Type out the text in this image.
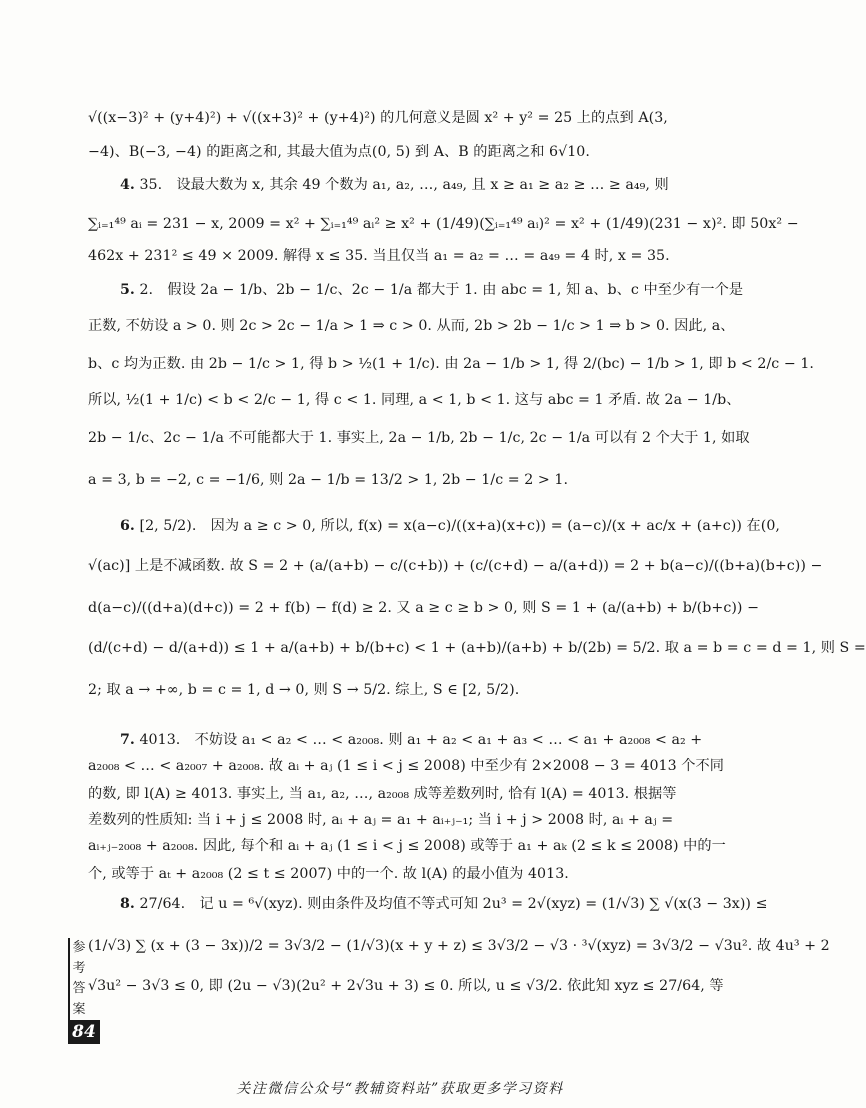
√((x−3)² + (y+4)²) + √((x+3)² + (y+4)²) 的几何意义是圆 x² + y² = 25 上的点到 A(3,

−4)、B(−3, −4) 的距离之和, 其最大值为点(0, 5) 到 A、B 的距离之和 6√10.

4. 35.　设最大数为 x, 其余 49 个数为 a₁, a₂, …, a₄₉, 且 x ≥ a₁ ≥ a₂ ≥ … ≥ a₄₉, 则

∑ᵢ₌₁⁴⁹ aᵢ = 231 − x, 2009 = x² + ∑ᵢ₌₁⁴⁹ aᵢ² ≥ x² + (1/49)(∑ᵢ₌₁⁴⁹ aᵢ)² = x² + (1/49)(231 − x)². 即 50x² −

462x + 231² ≤ 49 × 2009. 解得 x ≤ 35. 当且仅当 a₁ = a₂ = … = a₄₉ = 4 时, x = 35.

5. 2.　假设 2a − 1/b、2b − 1/c、2c − 1/a 都大于 1. 由 abc = 1, 知 a、b、c 中至少有一个是

正数, 不妨设 a > 0. 则 2c > 2c − 1/a > 1 ⇒ c > 0. 从而, 2b > 2b − 1/c > 1 ⇒ b > 0. 因此, a、

b、c 均为正数. 由 2b − 1/c > 1, 得 b > ½(1 + 1/c). 由 2a − 1/b > 1, 得 2/(bc) − 1/b > 1, 即 b < 2/c − 1.

所以, ½(1 + 1/c) < b < 2/c − 1, 得 c < 1. 同理, a < 1, b < 1. 这与 abc = 1 矛盾. 故 2a − 1/b、

2b − 1/c、2c − 1/a 不可能都大于 1. 事实上, 2a − 1/b, 2b − 1/c, 2c − 1/a 可以有 2 个大于 1, 如取

a = 3, b = −2, c = −1/6, 则 2a − 1/b = 13/2 > 1, 2b − 1/c = 2 > 1.

6. [2, 5/2).　因为 a ≥ c > 0, 所以, f(x) = x(a−c)/((x+a)(x+c)) = (a−c)/(x + ac/x + (a+c)) 在(0,

√(ac)] 上是不减函数. 故 S = 2 + (a/(a+b) − c/(c+b)) + (c/(c+d) − a/(a+d)) = 2 + b(a−c)/((b+a)(b+c)) −

d(a−c)/((d+a)(d+c)) = 2 + f(b) − f(d) ≥ 2. 又 a ≥ c ≥ b > 0, 则 S = 1 + (a/(a+b) + b/(b+c)) −

(d/(c+d) − d/(a+d)) ≤ 1 + a/(a+b) + b/(b+c) < 1 + (a+b)/(a+b) + b/(2b) = 5/2. 取 a = b = c = d = 1, 则 S =

2; 取 a → +∞, b = c = 1, d → 0, 则 S → 5/2. 综上, S ∈ [2, 5/2).

7. 4013.　不妨设 a₁ < a₂ < … < a₂₀₀₈. 则 a₁ + a₂ < a₁ + a₃ < … < a₁ + a₂₀₀₈ < a₂ +

a₂₀₀₈ < … < a₂₀₀₇ + a₂₀₀₈. 故 aᵢ + aⱼ (1 ≤ i < j ≤ 2008) 中至少有 2×2008 − 3 = 4013 个不同

的数, 即 l(A) ≥ 4013. 事实上, 当 a₁, a₂, …, a₂₀₀₈ 成等差数列时, 恰有 l(A) = 4013. 根据等

差数列的性质知: 当 i + j ≤ 2008 时, aᵢ + aⱼ = a₁ + aᵢ₊ⱼ₋₁; 当 i + j > 2008 时, aᵢ + aⱼ =

aᵢ₊ⱼ₋₂₀₀₈ + a₂₀₀₈. 因此, 每个和 aᵢ + aⱼ (1 ≤ i < j ≤ 2008) 或等于 a₁ + aₖ (2 ≤ k ≤ 2008) 中的一

个, 或等于 aₜ + a₂₀₀₈ (2 ≤ t ≤ 2007) 中的一个. 故 l(A) 的最小值为 4013.

8. 27/64.　记 u = ⁶√(xyz). 则由条件及均值不等式可知 2u³ = 2√(xyz) = (1/√3) ∑ √(x(3 − 3x)) ≤

(1/√3) ∑ (x + (3 − 3x))/2 = 3√3/2 − (1/√3)(x + y + z) ≤ 3√3/2 − √3 · ³√(xyz) = 3√3/2 − √3u². 故 4u³ + 2

√3u² − 3√3 ≤ 0, 即 (2u − √3)(2u² + 2√3u + 3) ≤ 0. 所以, u ≤ √3/2. 依此知 xyz ≤ 27/64, 等

参
考
答
案
84
关注微信公众号“教辅资料站”获取更多学习资料
